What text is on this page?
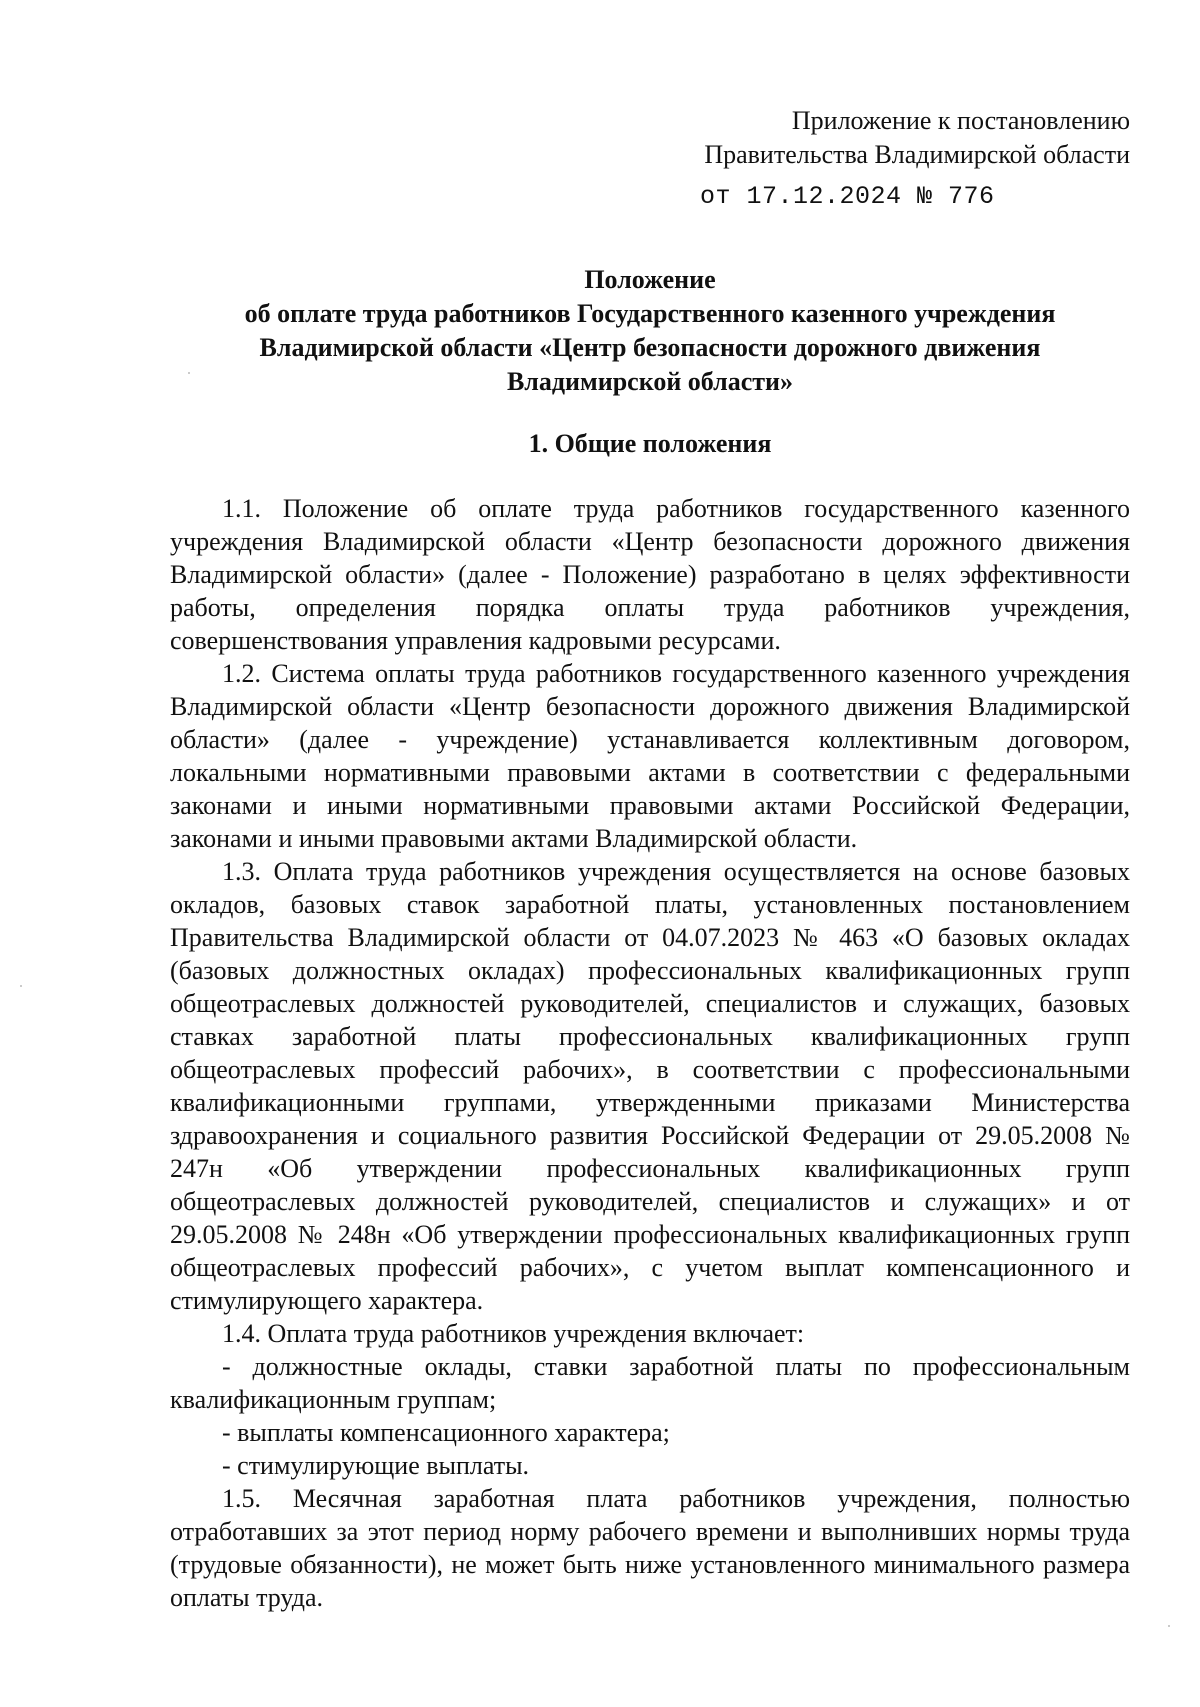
Приложение к постановлению
Правительства Владимирской области
от 17.12.2024 № 776
Положение
об оплате труда работников Государственного казенного учреждения
Владимирской области «Центр безопасности дорожного движения
Владимирской области»
1. Общие положения

1.1. Положение об оплате труда работников государственного казенного учреждения Владимирской области «Центр безопасности дорожного движения Владимирской области» (далее - Положение) разработано в целях эффективности работы, определения порядка оплаты труда работников учреждения, совершенствования управления кадровыми ресурсами.

1.2. Система оплаты труда работников государственного казенного учреждения Владимирской области «Центр безопасности дорожного движения Владимирской области» (далее - учреждение) устанавливается коллективным договором, локальными нормативными правовыми актами в соответствии с федеральными законами и иными нормативными правовыми актами Российской Федерации, законами и иными правовыми актами Владимирской области.

1.3. Оплата труда работников учреждения осуществляется на основе базовых окладов, базовых ставок заработной платы, установленных постановлением Правительства Владимирской области от 04.07.2023 № 463 «О базовых окладах (базовых должностных окладах) профессиональных квалификационных групп общеотраслевых должностей руководителей, специалистов и служащих, базовых ставках заработной платы профессиональных квалификационных групп общеотраслевых профессий рабочих», в соответствии с профессиональными квалификационными группами, утвержденными приказами Министерства здравоохранения и социального развития Российской Федерации от 29.05.2008 № 247н «Об утверждении профессиональных квалификационных групп общеотраслевых должностей руководителей, специалистов и служащих» и от 29.05.2008 № 248н «Об утверждении профессиональных квалификационных групп общеотраслевых профессий рабочих», с учетом выплат компенсационного и стимулирующего характера.

1.4. Оплата труда работников учреждения включает:

- должностные оклады, ставки заработной платы по профессиональным квалификационным группам;

- выплаты компенсационного характера;

- стимулирующие выплаты.

1.5. Месячная заработная плата работников учреждения, полностью отработавших за этот период норму рабочего времени и выполнивших нормы труда (трудовые обязанности), не может быть ниже установленного минимального размера оплаты труда.
